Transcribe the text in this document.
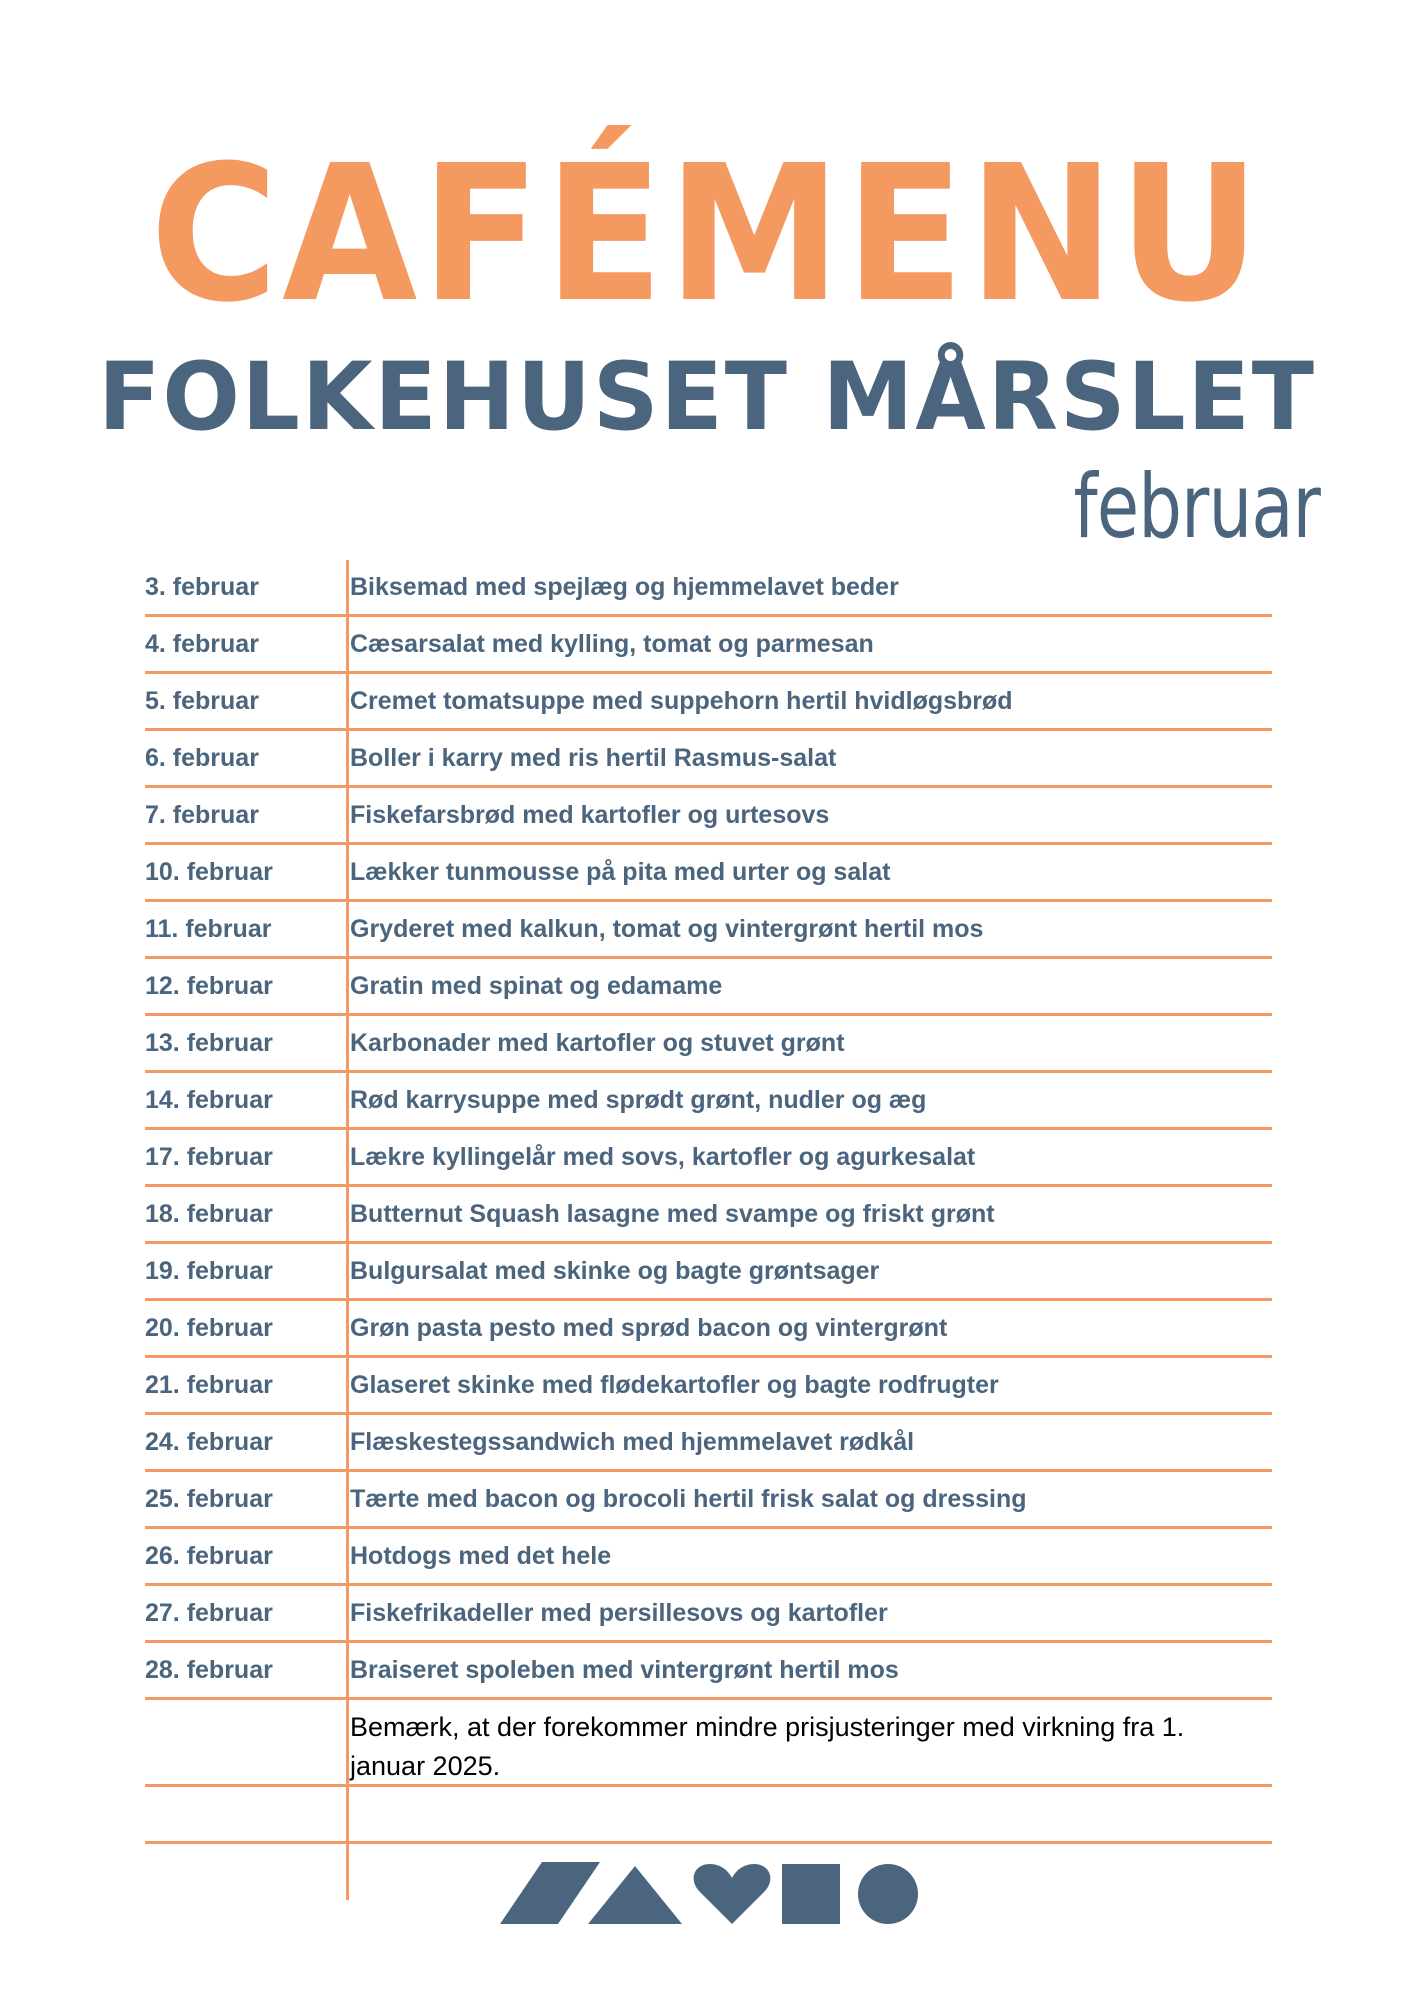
CAFÉMENU
FOLKEHUSET MÅRSLET
februar
3. februar	Biksemad med spejlæg og hjemmelavet beder
4. februar	Cæsarsalat med kylling, tomat og parmesan
5. februar	Cremet tomatsuppe med suppehorn hertil hvidløgsbrød
6. februar	Boller i karry med ris hertil Rasmus-salat
7. februar	Fiskefarsbrød med kartofler og urtesovs
10. februar	Lækker tunmousse på pita med urter og salat
11. februar	Gryderet med kalkun, tomat og vintergrønt hertil mos
12. februar	Gratin med spinat og edamame
13. februar	Karbonader med kartofler og stuvet grønt
14. februar	Rød karrysuppe med sprødt grønt, nudler og æg
17. februar	Lækre kyllingelår med sovs, kartofler og agurkesalat
18. februar	Butternut Squash lasagne med svampe og friskt grønt
19. februar	Bulgursalat med skinke og bagte grøntsager
20. februar	Grøn pasta pesto med sprød bacon og vintergrønt
21. februar	Glaseret skinke med flødekartofler og bagte rodfrugter
24. februar	Flæskestegssandwich med hjemmelavet rødkål
25. februar	Tærte med bacon og brocoli hertil frisk salat og dressing
26. februar	Hotdogs med det hele
27. februar	Fiskefrikadeller med persillesovs og kartofler
28. februar	Braiseret spoleben med vintergrønt hertil mos
Bemærk, at der forekommer mindre prisjusteringer med virkning fra 1. januar 2025.
